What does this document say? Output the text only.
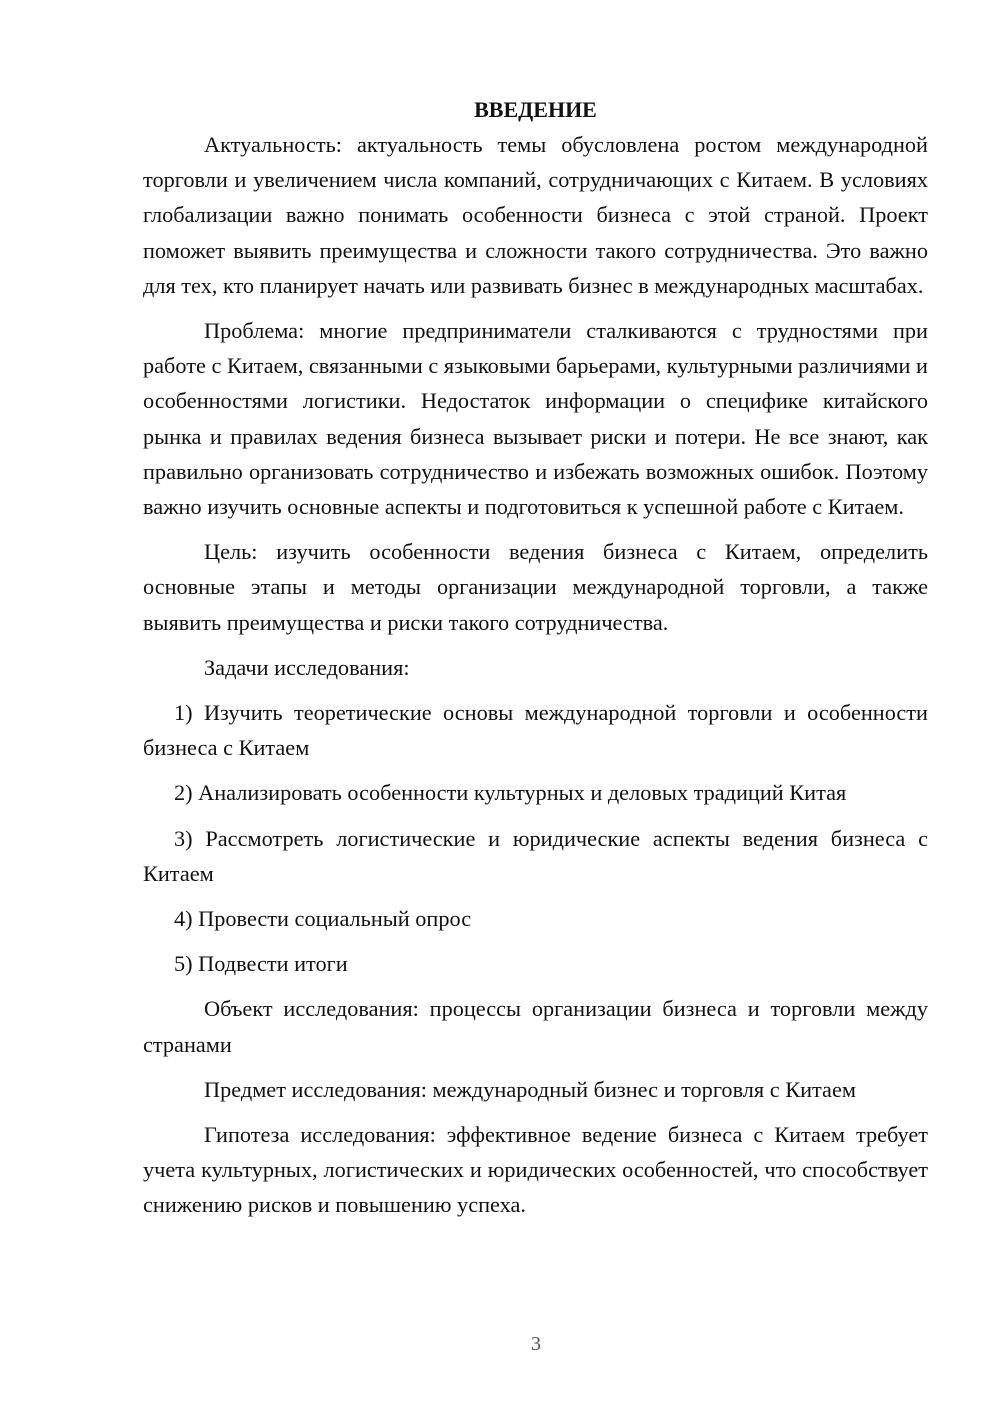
ВВЕДЕНИЕ

Актуальность: актуальность темы обусловлена ростом международной торговли и увеличением числа компаний, сотрудничающих с Китаем. В условиях глобализации важно понимать особенности бизнеса с этой страной. Проект поможет выявить преимущества и сложности такого сотрудничества. Это важно для тех, кто планирует начать или развивать бизнес в международных масштабах.

Проблема: многие предприниматели сталкиваются с трудностями при работе с Китаем, связанными с языковыми барьерами, культурными различиями и особенностями логистики. Недостаток информации о специфике китайского рынка и правилах ведения бизнеса вызывает риски и потери. Не все знают, как правильно организовать сотрудничество и избежать возможных ошибок. Поэтому важно изучить основные аспекты и подготовиться к успешной работе с Китаем.

Цель: изучить особенности ведения бизнеса с Китаем, определить основные этапы и методы организации международной торговли, а также выявить преимущества и риски такого сотрудничества.

Задачи исследования:

1) Изучить теоретические основы международной торговли и особенности бизнеса с Китаем

2) Анализировать особенности культурных и деловых традиций Китая

3) Рассмотреть логистические и юридические аспекты ведения бизнеса с Китаем

4) Провести социальный опрос

5) Подвести итоги

Объект исследования: процессы организации бизнеса и торговли между странами

Предмет исследования: международный бизнес и торговля с Китаем

Гипотеза исследования: эффективное ведение бизнеса с Китаем требует учета культурных, логистических и юридических особенностей, что способствует снижению рисков и повышению успеха.

3
